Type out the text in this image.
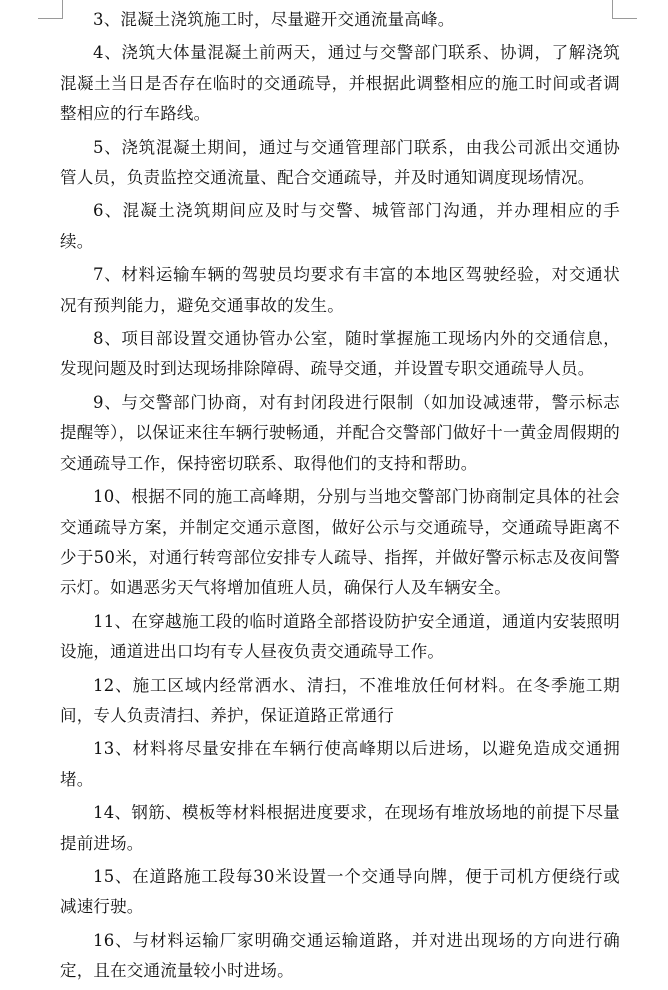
3、混凝土浇筑施工时，尽量避开交通流量高峰。

4、浇筑大体量混凝土前两天，通过与交警部门联系、协调，了解浇筑混凝土当日是否存在临时的交通疏导，并根据此调整相应的施工时间或者调整相应的行车路线。

5、浇筑混凝土期间，通过与交通管理部门联系，由我公司派出交通协管人员，负责监控交通流量、配合交通疏导，并及时通知调度现场情况。

6、混凝土浇筑期间应及时与交警、城管部门沟通，并办理相应的手续。

7、材料运输车辆的驾驶员均要求有丰富的本地区驾驶经验，对交通状况有预判能力，避免交通事故的发生。

8、项目部设置交通协管办公室，随时掌握施工现场内外的交通信息，发现问题及时到达现场排除障碍、疏导交通，并设置专职交通疏导人员。

9、与交警部门协商，对有封闭段进行限制（如加设减速带，警示标志提醒等），以保证来往车辆行驶畅通，并配合交警部门做好十一黄金周假期的交通疏导工作，保持密切联系、取得他们的支持和帮助。

10、根据不同的施工高峰期，分别与当地交警部门协商制定具体的社会交通疏导方案，并制定交通示意图，做好公示与交通疏导，交通疏导距离不少于50米，对通行转弯部位安排专人疏导、指挥，并做好警示标志及夜间警示灯。如遇恶劣天气将增加值班人员，确保行人及车辆安全。

11、在穿越施工段的临时道路全部搭设防护安全通道，通道内安装照明设施，通道进出口均有专人昼夜负责交通疏导工作。

12、施工区域内经常洒水、清扫，不准堆放任何材料。在冬季施工期间，专人负责清扫、养护，保证道路正常通行

13、材料将尽量安排在车辆行使高峰期以后进场，以避免造成交通拥堵。

14、钢筋、模板等材料根据进度要求，在现场有堆放场地的前提下尽量提前进场。

15、在道路施工段每30米设置一个交通导向牌，便于司机方便绕行或减速行驶。

16、与材料运输厂家明确交通运输道路，并对进出现场的方向进行确定，且在交通流量较小时进场。
